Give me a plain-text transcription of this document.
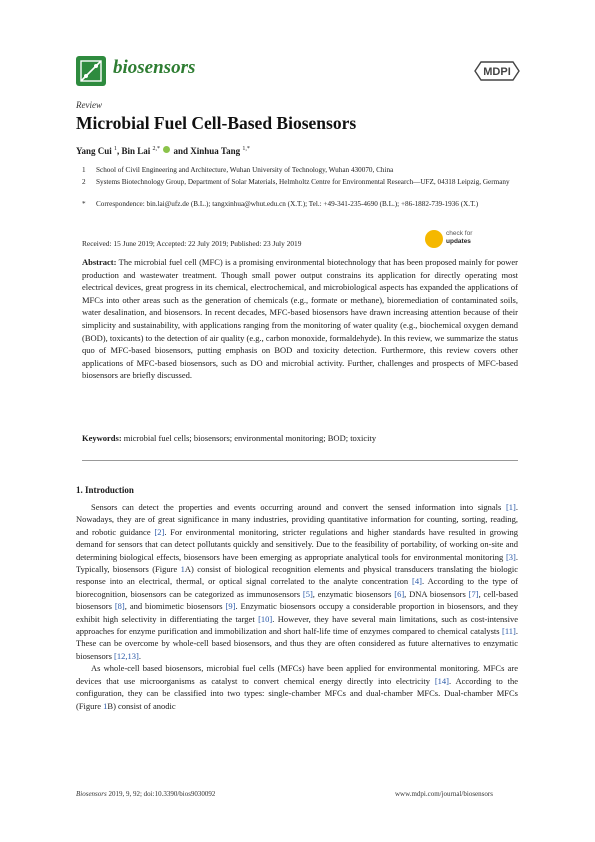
biosensors	MDPI
Review
Microbial Fuel Cell-Based Biosensors
Yang Cui $^1$, Bin Lai $^{2,*}$ and Xinhua Tang $^{1,*}$
1	School of Civil Engineering and Architecture, Wuhan University of Technology, Wuhan 430070, China
2	Systems Biotechnology Group, Department of Solar Materials, Helmholtz Centre for Environmental Research—UFZ, 04318 Leipzig, Germany
*	Correspondence: bin.lai@ufz.de (B.L.); tangxinhua@whut.edu.cn (X.T.); Tel.: +49-341-235-4690 (B.L.); +86-1882-739-1936 (X.T.)
Received: 15 June 2019; Accepted: 22 July 2019; Published: 23 July 2019
check for
updates
Abstract: The microbial fuel cell (MFC) is a promising environmental biotechnology that has been proposed mainly for power production and wastewater treatment. Though small power output constrains its application for directly operating most electrical devices, great progress in its chemical, electrochemical, and microbiological aspects has expanded the applications of MFCs into other areas such as the generation of chemicals (e.g., formate or methane), bioremediation of contaminated soils, water desalination, and biosensors. In recent decades, MFC-based biosensors have drawn increasing attention because of their simplicity and sustainability, with applications ranging from the monitoring of water quality (e.g., biochemical oxygen demand (BOD), toxicants) to the detection of air quality (e.g., carbon monoxide, formaldehyde). In this review, we summarize the status quo of MFC-based biosensors, putting emphasis on BOD and toxicity detection. Furthermore, this review covers other applications of MFC-based biosensors, such as DO and microbial activity. Further, challenges and prospects of MFC-based biosensors are briefly discussed.
Keywords: microbial fuel cells; biosensors; environmental monitoring; BOD; toxicity
1. Introduction

Sensors can detect the properties and events occurring around and convert the sensed information into signals [1]. Nowadays, they are of great significance in many industries, providing quantitative information for counting, sorting, reading, and robotic guidance [2]. For environmental monitoring, stricter regulations and higher standards have resulted in growing demand for sensors that can detect pollutants quickly and sensitively. Due to the feasibility of portability, of working on-site and determining biological effects, biosensors have been emerging as appropriate analytical tools for environmental monitoring [3]. Typically, biosensors (Figure 1A) consist of biological recognition elements and physical transducers translating the biologic response into an electrical, thermal, or optical signal correlated to the analyte concentration [4]. According to the type of biorecognition, biosensors can be categorized as immunosensors [5], enzymatic biosensors [6], DNA biosensors [7], cell-based biosensors [8], and biomimetic biosensors [9]. Enzymatic biosensors occupy a considerable proportion in biosensors, and they exhibit high selectivity in differentiating the target [10]. However, they have several main limitations, such as cost-intensive approaches for enzyme purification and immobilization and short half-life time of enzymes compared to chemical catalysts [11]. These can be overcome by whole-cell based biosensors, and thus they are often considered as future alternatives to enzymatic biosensors [12,13].

As whole-cell based biosensors, microbial fuel cells (MFCs) have been applied for environmental monitoring. MFCs are devices that use microorganisms as catalyst to convert chemical energy directly into electricity [14]. According to the configuration, they can be classified into two types: single-chamber MFCs and dual-chamber MFCs. Dual-chamber MFCs (Figure 1B) consist of anodic

Biosensors 2019, 9, 92; doi:10.3390/bios9030092	www.mdpi.com/journal/biosensors
